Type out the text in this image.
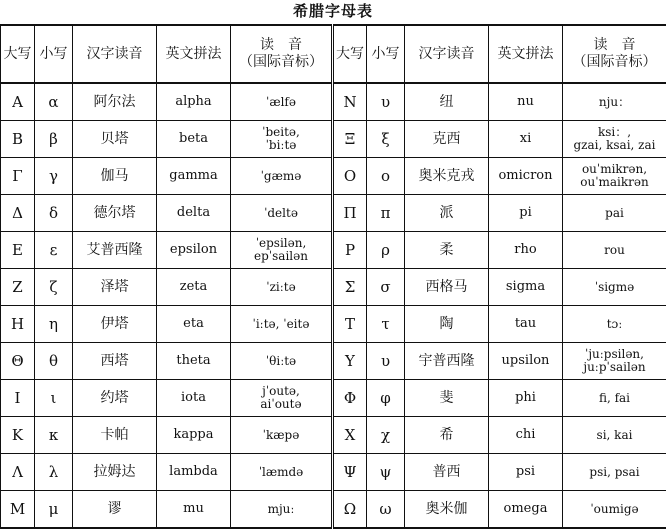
希腊字母表
大写	小写	汉字读音	英文拼法	读　音
（国际音标）	大写	小写	汉字读音	英文拼法	读　音
（国际音标）

Α	α	阿尔法	alpha	ˈælfə	Ν	υ	纽	nu	nju：

Β	β	贝塔	beta	ˈbeitə,
ˈbiːtə	Ξ	ξ	克西	xi	ksi：,
gzai, ksai, zai

Γ	γ	伽马	gamma	ˈgæmə	Ο	ο	奥米克戎	omicron	ouˈmikrən,
ouˈmaikrən

Δ	δ	德尔塔	delta	ˈdeltə	Π	π	派	pi	pai

Ε	ε	艾普西隆	epsilon	ˈepsilən,
epˈsailən	Ρ	ρ	柔	rho	rou

Ζ	ζ	泽塔	zeta	ˈziːtə	Σ	σ	西格马	sigma	ˈsigmə

Η	η	伊塔	eta	ˈiːtə, ˈeitə	Τ	τ	陶	tau	tɔː

Θ	θ	西塔	theta	ˈθiːtə	Υ	υ	宇普西隆	upsilon	ˈjuːpsilən,
juːpˈsailən

Ι	ι	约塔	iota	jˈoutə,
aiˈoutə	Φ	φ	斐	phi	fi, fai

Κ	κ	卡帕	kappa	ˈkæpə	Χ	χ	希	chi	si, kai

Λ	λ	拉姆达	lambda	ˈlæmdə	Ψ	ψ	普西	psi	psi, psai

Μ	μ	谬	mu	mjuː	Ω	ω	奥米伽	omega	ˈoumigə
